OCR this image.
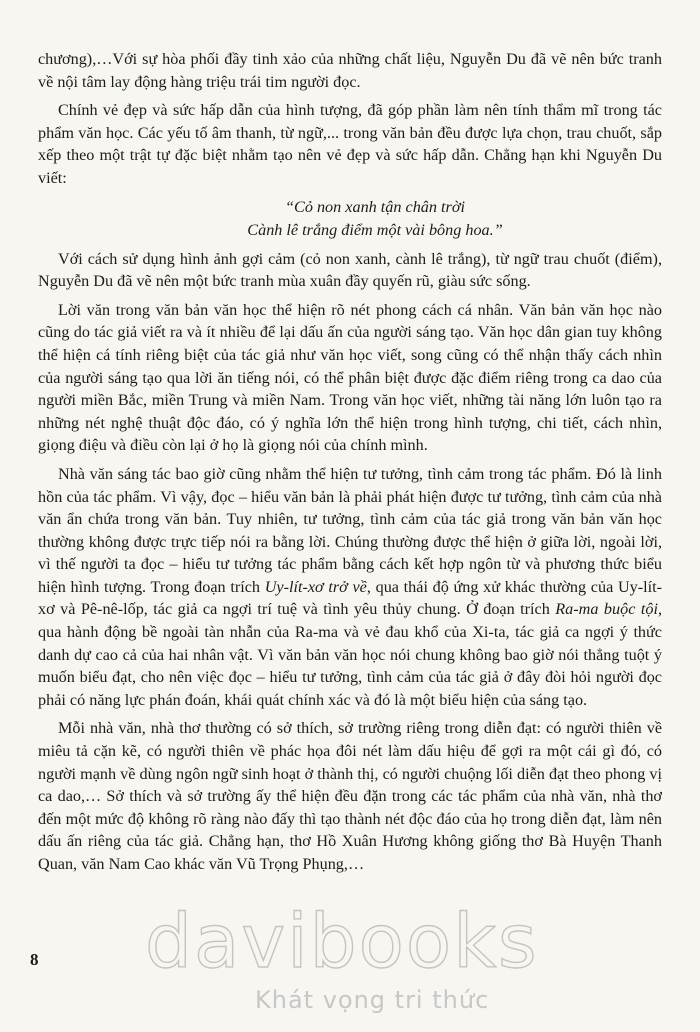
chương),…Với sự hòa phối đầy tinh xảo của những chất liệu, Nguyễn Du đã vẽ nên bức tranh về nội tâm lay động hàng triệu trái tim người đọc.

Chính vẻ đẹp và sức hấp dẫn của hình tượng, đã góp phần làm nên tính thẩm mĩ trong tác phẩm văn học. Các yếu tố âm thanh, từ ngữ,... trong văn bản đều được lựa chọn, trau chuốt, sắp xếp theo một trật tự đặc biệt nhằm tạo nên vẻ đẹp và sức hấp dẫn. Chẳng hạn khi Nguyễn Du viết:

“Cỏ non xanh tận chân trời
Cành lê trắng điểm một vài bông hoa.”

Với cách sử dụng hình ảnh gợi cảm (cỏ non xanh, cành lê trắng), từ ngữ trau chuốt (điểm), Nguyễn Du đã vẽ nên một bức tranh mùa xuân đầy quyến rũ, giàu sức sống.

Lời văn trong văn bản văn học thể hiện rõ nét phong cách cá nhân. Văn bản văn học nào cũng do tác giả viết ra và ít nhiều để lại dấu ấn của người sáng tạo. Văn học dân gian tuy không thể hiện cá tính riêng biệt của tác giả như văn học viết, song cũng có thể nhận thấy cách nhìn của người sáng tạo qua lời ăn tiếng nói, có thể phân biệt được đặc điểm riêng trong ca dao của người miền Bắc, miền Trung và miền Nam. Trong văn học viết, những tài năng lớn luôn tạo ra những nét nghệ thuật độc đáo, có ý nghĩa lớn thể hiện trong hình tượng, chi tiết, cách nhìn, giọng điệu và điều còn lại ở họ là giọng nói của chính mình.

Nhà văn sáng tác bao giờ cũng nhằm thể hiện tư tưởng, tình cảm trong tác phẩm. Đó là linh hồn của tác phẩm. Vì vậy, đọc – hiểu văn bản là phải phát hiện được tư tưởng, tình cảm của nhà văn ẩn chứa trong văn bản. Tuy nhiên, tư tưởng, tình cảm của tác giả trong văn bản văn học thường không được trực tiếp nói ra bằng lời. Chúng thường được thể hiện ở giữa lời, ngoài lời, vì thế người ta đọc – hiểu tư tưởng tác phẩm bằng cách kết hợp ngôn từ và phương thức biểu hiện hình tượng. Trong đoạn trích Uy-lít-xơ trở về, qua thái độ ứng xử khác thường của Uy-lít-xơ và Pê-nê-lốp, tác giả ca ngợi trí tuệ và tình yêu thủy chung. Ở đoạn trích Ra-ma buộc tội, qua hành động bề ngoài tàn nhẫn của Ra-ma và vẻ đau khổ của Xi-ta, tác giả ca ngợi ý thức danh dự cao cả của hai nhân vật. Vì văn bản văn học nói chung không bao giờ nói thẳng tuột ý muốn biểu đạt, cho nên việc đọc – hiểu tư tưởng, tình cảm của tác giả ở đây đòi hỏi người đọc phải có năng lực phán đoán, khái quát chính xác và đó là một biểu hiện của sáng tạo.

Mỗi nhà văn, nhà thơ thường có sở thích, sở trường riêng trong diễn đạt: có người thiên về miêu tả cặn kẽ, có người thiên về phác họa đôi nét làm dấu hiệu để gợi ra một cái gì đó, có người mạnh về dùng ngôn ngữ sinh hoạt ở thành thị, có người chuộng lối diễn đạt theo phong vị ca dao,… Sở thích và sở trường ấy thể hiện đều đặn trong các tác phẩm của nhà văn, nhà thơ đến một mức độ không rõ ràng nào đấy thì tạo thành nét độc đáo của họ trong diễn đạt, làm nên dấu ấn riêng của tác giả. Chẳng hạn, thơ Hồ Xuân Hương không giống thơ Bà Huyện Thanh Quan, văn Nam Cao khác văn Vũ Trọng Phụng,…

8 davibooks
Khát vọng tri thức
